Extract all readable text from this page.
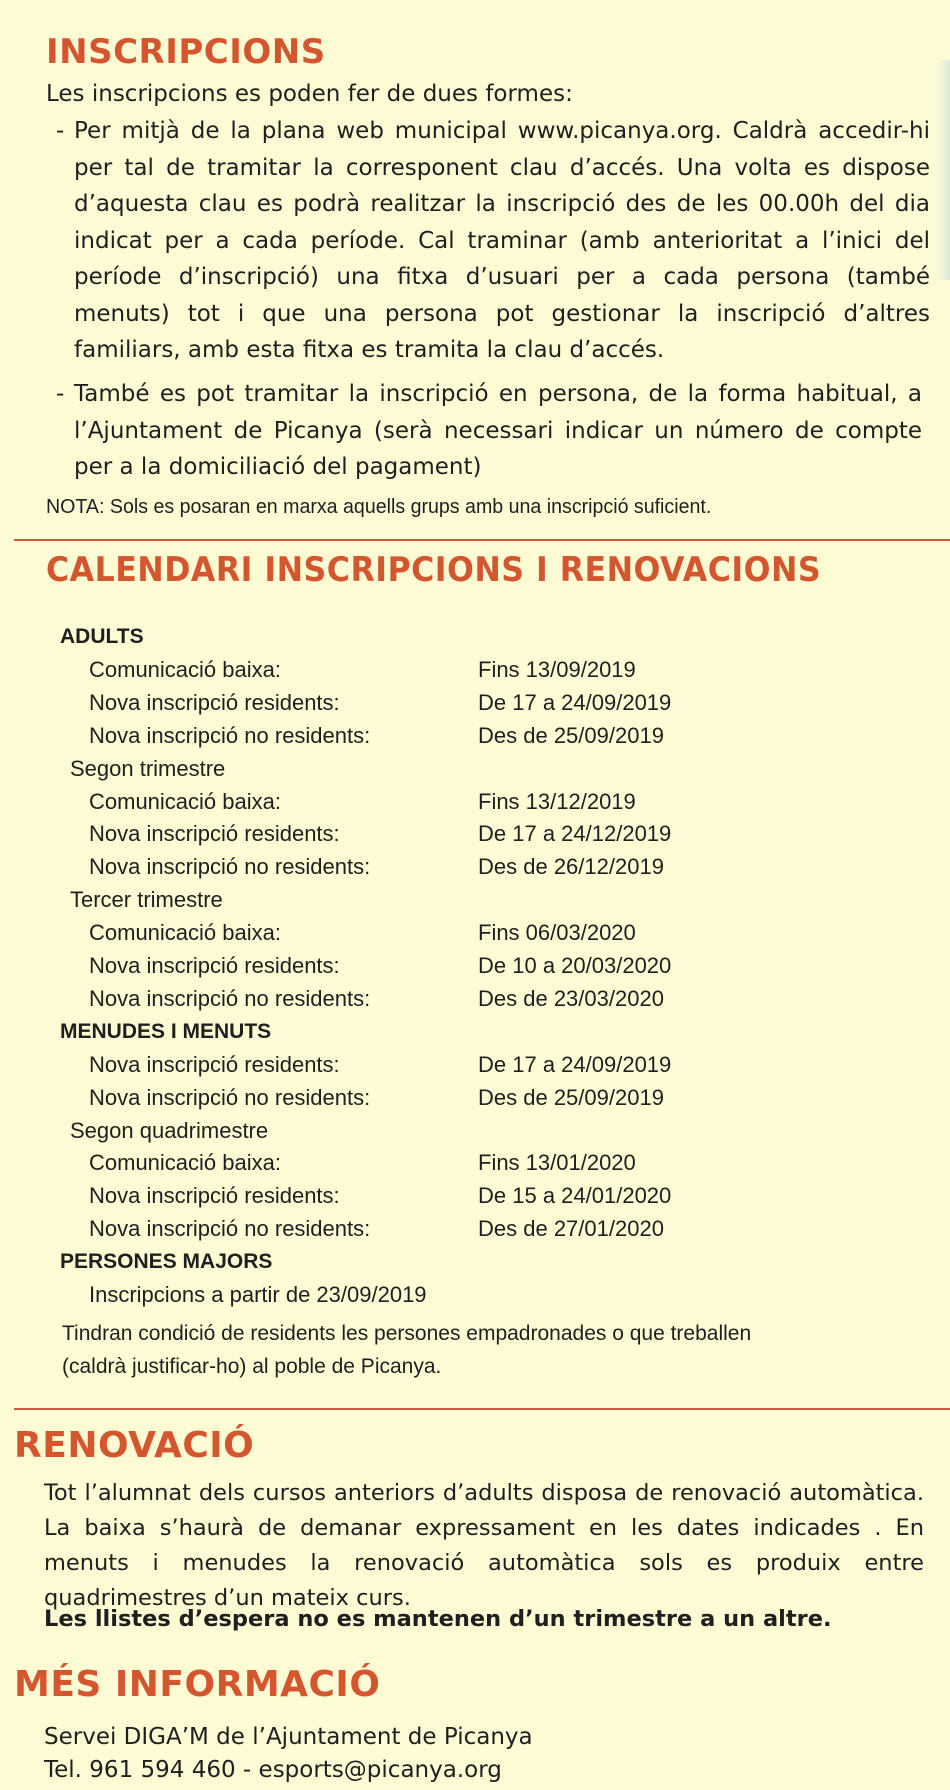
INSCRIPCIONS

Les inscripcions es poden fer de dues formes:

- Per mitjà de la plana web municipal www.picanya.org. Caldrà accedir-hi per tal de tramitar la corresponent clau d’accés. Una volta es dispose d’aquesta clau es podrà realitzar la inscripció des de les 00.00h del dia indicat per a cada període. Cal traminar (amb anterioritat a l’inici del període d’inscripció) una fitxa d’usuari per a cada persona (també menuts) tot i que una persona pot gestionar la inscripció d’altres familiars, amb esta fitxa es tramita la clau d’accés.
- També es pot tramitar la inscripció en persona, de la forma habitual, a l’Ajuntament de Picanya (serà necessari indicar un número de compte per a la domiciliació del pagament)
NOTA: Sols es posaran en marxa aquells grups amb una inscripció suficient.
CALENDARI INSCRIPCIONS I RENOVACIONS
ADULTS
Comunicació baixa:	Fins 13/09/2019
Nova inscripció residents:	De 17 a 24/09/2019
Nova inscripció no residents:	Des de 25/09/2019
Segon trimestre
Comunicació baixa:	Fins 13/12/2019
Nova inscripció residents:	De 17 a 24/12/2019
Nova inscripció no residents:	Des de 26/12/2019
Tercer trimestre
Comunicació baixa:	Fins 06/03/2020
Nova inscripció residents:	De 10 a 20/03/2020
Nova inscripció no residents:	Des de 23/03/2020
MENUDES I MENUTS
Nova inscripció residents:	De 17 a 24/09/2019
Nova inscripció no residents:	Des de 25/09/2019
Segon quadrimestre
Comunicació baixa:	Fins 13/01/2020
Nova inscripció residents:	De 15 a 24/01/2020
Nova inscripció no residents:	Des de 27/01/2020
PERSONES MAJORS
Inscripcions a partir de 23/09/2019
Tindran condició de residents les persones empadronades o que treballen
(caldrà justificar-ho) al poble de Picanya.
RENOVACIÓ
Tot l’alumnat dels cursos anteriors d’adults disposa de renovació automàtica. La baixa s’haurà de demanar expressament en les dates indicades . En menuts i menudes la renovació automàtica sols es produix entre quadrimestres d’un mateix curs.
Les llistes d’espera no es mantenen d’un trimestre a un altre.
MÉS INFORMACIÓ
Servei DIGA’M de l’Ajuntament de Picanya
Tel. 961 594 460 - esports@picanya.org
